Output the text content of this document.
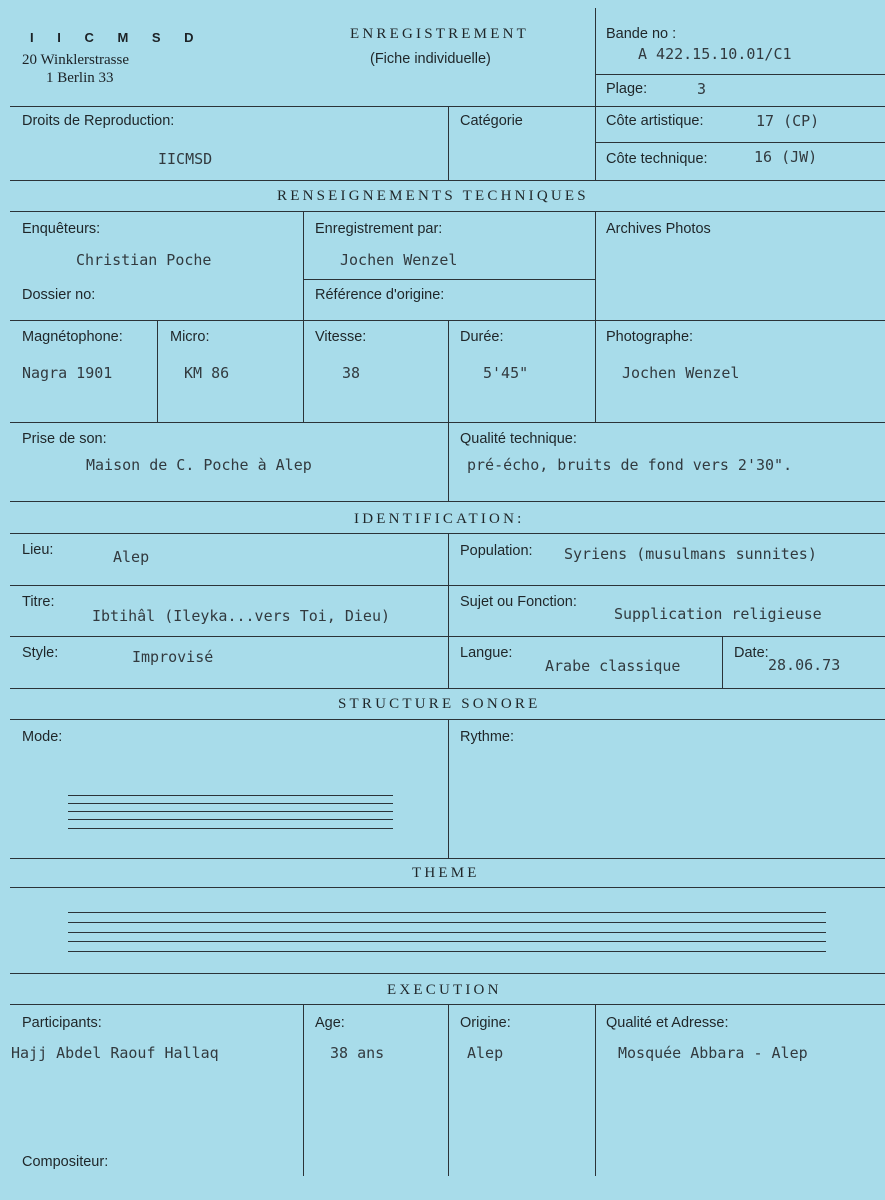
I I C M S D
20 Winklerstrasse
1 Berlin 33
ENREGISTREMENT
(Fiche individuelle)
Bande no :
A 422.15.10.01/C1
Plage:	3
Droits de Reproduction:
IICMSD
Catégorie	Côte artistique:	17 (CP)
Côte technique:	16 (JW)
RENSEIGNEMENTS TECHNIQUES
Enquêteurs:
Christian Poche
Enregistrement par:
Jochen Wenzel
Archives Photos
Dossier no:	Référence d'origine:
Magnétophone:
Nagra 1901
Micro:
KM 86
Vitesse:
38
Durée:
5'45"
Photographe:
Jochen Wenzel
Prise de son:
Maison de C. Poche à Alep
Qualité technique:
pré-écho, bruits de fond vers 2'30".
IDENTIFICATION:
Lieu:	Alep	Population: Syriens (musulmans sunnites)
Titre:
Ibtihâl (Ileyka...vers Toi, Dieu)
Sujet ou Fonction:
Supplication religieuse
Style:	Improvisé	Langue:
Arabe classique
Date:
28.06.73
STRUCTURE SONORE
Mode:	Rythme:
THEME
EXECUTION
Participants:
Hajj Abdel Raouf Hallaq
Age:
38 ans
Origine:
Alep
Qualité et Adresse:
Mosquée Abbara - Alep
Compositeur:
